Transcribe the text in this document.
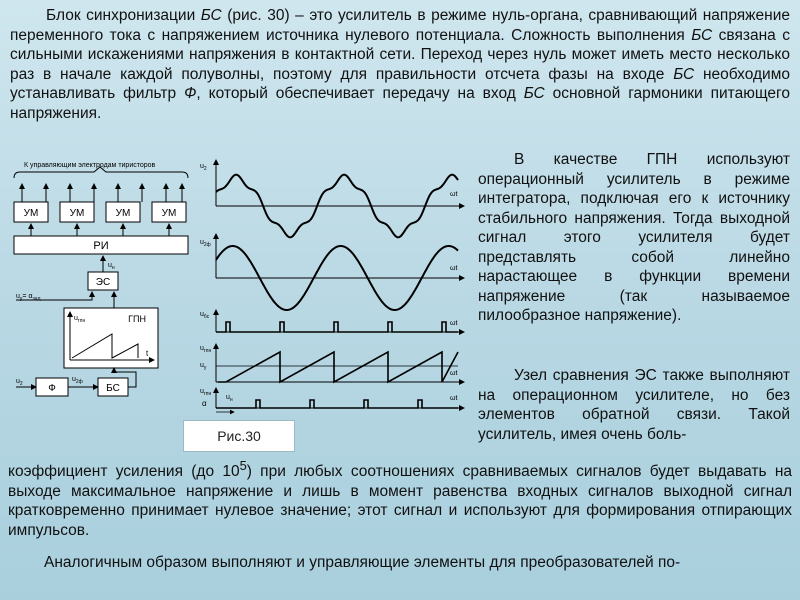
Блок синхронизации БС (рис. 30) – это усилитель в режиме нуль-органа, сравнивающий напряжение переменного тока с напряжением источника нулевого потенциала. Сложность выполнения БС связана с сильными искажениями напряжения в контактной сети. Переход через нуль может иметь место несколько раз в начале каждой полуволны, поэтому для правильности отсчета фазы на входе БС необходимо устанавливать фильтр Ф, который обеспечивает передачу на вход БС основной гармоники питающего напряжения.

В качестве ГПН используют операционный усилитель в режиме интегратора, подключая его к источнику стабильного напряжения. Тогда выходной сигнал этого усилителя будет представлять собой линейно нарастающее в функции времени напряжение (так называемое пилообразное напряжение).

Узел сравнения ЭС также выполняют на операционном усилителе, но без элементов обратной связи. Такой усилитель, имея очень боль-

коэффициент усиления (до $10^5$) при любых соотношениях сравниваемых сигналов будет выдавать на выходе максимальное напряжение и лишь в момент равенства входных сигналов выходной сигнал кратковременно принимает нулевое значение; этот сигнал и используют для формирования отпирающих импульсов.

Аналогичным образом выполняют и управляющие элементы для преобразователей по-

К управляющим электродам тиристоров
УМ	УМ	УМ	УМ
РИ
$u_н$
ЭС
$u_у= \alpha_{зад}$
ГПН
$u_{гпн}$
t
$u_2$	Ф
$u_{2ф}$
БС
$u_2$
ωt
$u_{2ф}$
ωt
$u_{бс}$
ωt
$u_{гпн}$
$u_у$
ωt
$u_{гпн}$ $u_н$	ωt
α
Рис.30
